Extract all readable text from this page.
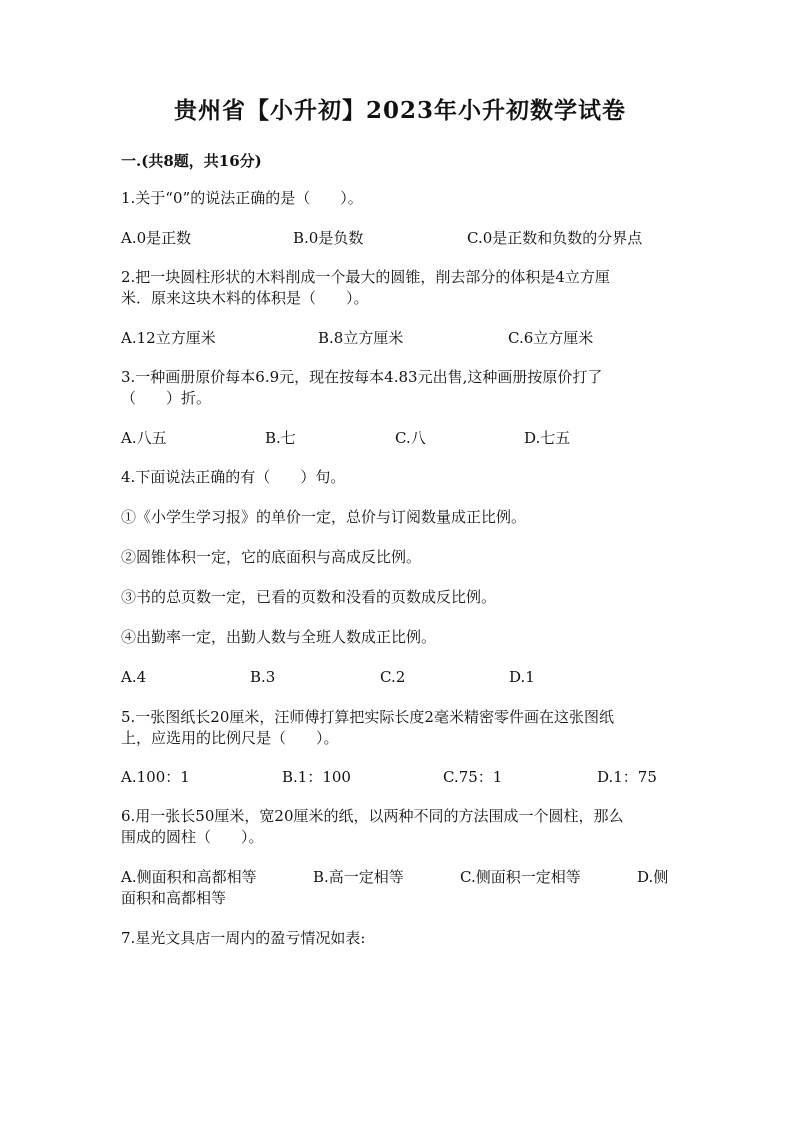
贵州省【小升初】2023年小升初数学试卷
一.(共8题，共16分)
1.关于“0”的说法正确的是（　　）。
A.0是正数	B.0是负数	C.0是正数和负数的分界点
2.把一块圆柱形状的木料削成一个最大的圆锥，削去部分的体积是4立方厘
米．原来这块木料的体积是（　　）。
A.12立方厘米	B.8立方厘米	C.6立方厘米
3.一种画册原价每本6.9元，现在按每本4.83元出售,这种画册按原价打了
（　　）折。
A.八五	B.七	C.八	D.七五
4.下面说法正确的有（　　）句。
①《小学生学习报》的单价一定，总价与订阅数量成正比例。
②圆锥体积一定，它的底面积与高成反比例。
③书的总页数一定，已看的页数和没看的页数成反比例。
④出勤率一定，出勤人数与全班人数成正比例。
A.4	B.3	C.2	D.1
5.一张图纸长20厘米，汪师傅打算把实际长度2毫米精密零件画在这张图纸
上，应选用的比例尺是（　　）。
A.100：1	B.1：100	C.75：1	D.1：75
6.用一张长50厘米，宽20厘米的纸，以两种不同的方法围成一个圆柱，那么
围成的圆柱（　　）。
A.侧面积和高都相等	B.高一定相等	C.侧面积一定相等	D.侧
面积和高都相等
7.星光文具店一周内的盈亏情况如表:
